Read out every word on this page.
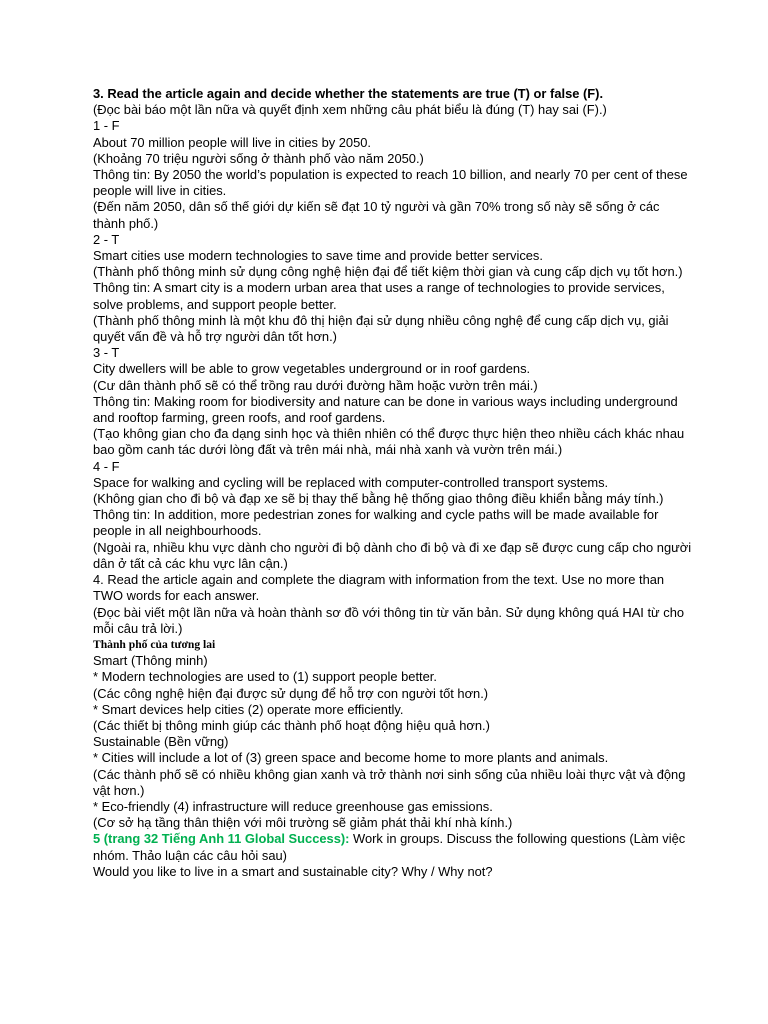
3. Read the article again and decide whether the statements are true (T) or false (F).

(Đọc bài báo một lần nữa và quyết định xem những câu phát biểu là đúng (T) hay sai (F).)

1 - F

About 70 million people will live in cities by 2050.

(Khoảng 70 triệu người sống ở thành phố vào năm 2050.)

Thông tin: By 2050 the world’s population is expected to reach 10 billion, and nearly 70 per cent of these people will live in cities.

(Đến năm 2050, dân số thế giới dự kiến sẽ đạt 10 tỷ người và gần 70% trong số này sẽ sống ở các thành phố.)

2 - T

Smart cities use modern technologies to save time and provide better services.

(Thành phố thông minh sử dụng công nghệ hiện đại để tiết kiệm thời gian và cung cấp dịch vụ tốt hơn.)

Thông tin: A smart city is a modern urban area that uses a range of technologies to provide services, solve problems, and support people better.

(Thành phố thông minh là một khu đô thị hiện đại sử dụng nhiều công nghệ để cung cấp dịch vụ, giải quyết vấn đề và hỗ trợ người dân tốt hơn.)

3 - T

City dwellers will be able to grow vegetables underground or in roof gardens.

(Cư dân thành phố sẽ có thể trồng rau dưới đường hầm hoặc vườn trên mái.)

Thông tin: Making room for biodiversity and nature can be done in various ways including underground and rooftop farming, green roofs, and roof gardens.

(Tạo không gian cho đa dạng sinh học và thiên nhiên có thể được thực hiện theo nhiều cách khác nhau bao gồm canh tác dưới lòng đất và trên mái nhà, mái nhà xanh và vườn trên mái.)

4 - F

Space for walking and cycling will be replaced with computer-controlled transport systems.

(Không gian cho đi bộ và đạp xe sẽ bị thay thế bằng hệ thống giao thông điều khiển bằng máy tính.)

Thông tin: In addition, more pedestrian zones for walking and cycle paths will be made available for people in all neighbourhoods.

(Ngoài ra, nhiều khu vực dành cho người đi bộ dành cho đi bộ và đi xe đạp sẽ được cung cấp cho người dân ở tất cả các khu vực lân cận.)

4. Read the article again and complete the diagram with information from the text. Use no more than TWO words for each answer.

(Đọc bài viết một lần nữa và hoàn thành sơ đồ với thông tin từ văn bản. Sử dụng không quá HAI từ cho mỗi câu trả lời.)

Thành phố của tương lai

Smart (Thông minh)

* Modern technologies are used to (1) support people better.

(Các công nghệ hiện đại được sử dụng để hỗ trợ con người tốt hơn.)

* Smart devices help cities (2) operate more efficiently.

(Các thiết bị thông minh giúp các thành phố hoạt động hiệu quả hơn.)

Sustainable (Bền vững)

* Cities will include a lot of (3) green space and become home to more plants and animals.

(Các thành phố sẽ có nhiều không gian xanh và trở thành nơi sinh sống của nhiều loài thực vật và động vật hơn.)

* Eco-friendly (4) infrastructure will reduce greenhouse gas emissions.

(Cơ sở hạ tầng thân thiện với môi trường sẽ giảm phát thải khí nhà kính.)

5 (trang 32 Tiếng Anh 11 Global Success): Work in groups. Discuss the following questions (Làm việc nhóm. Thảo luận các câu hỏi sau)

Would you like to live in a smart and sustainable city? Why / Why not?
